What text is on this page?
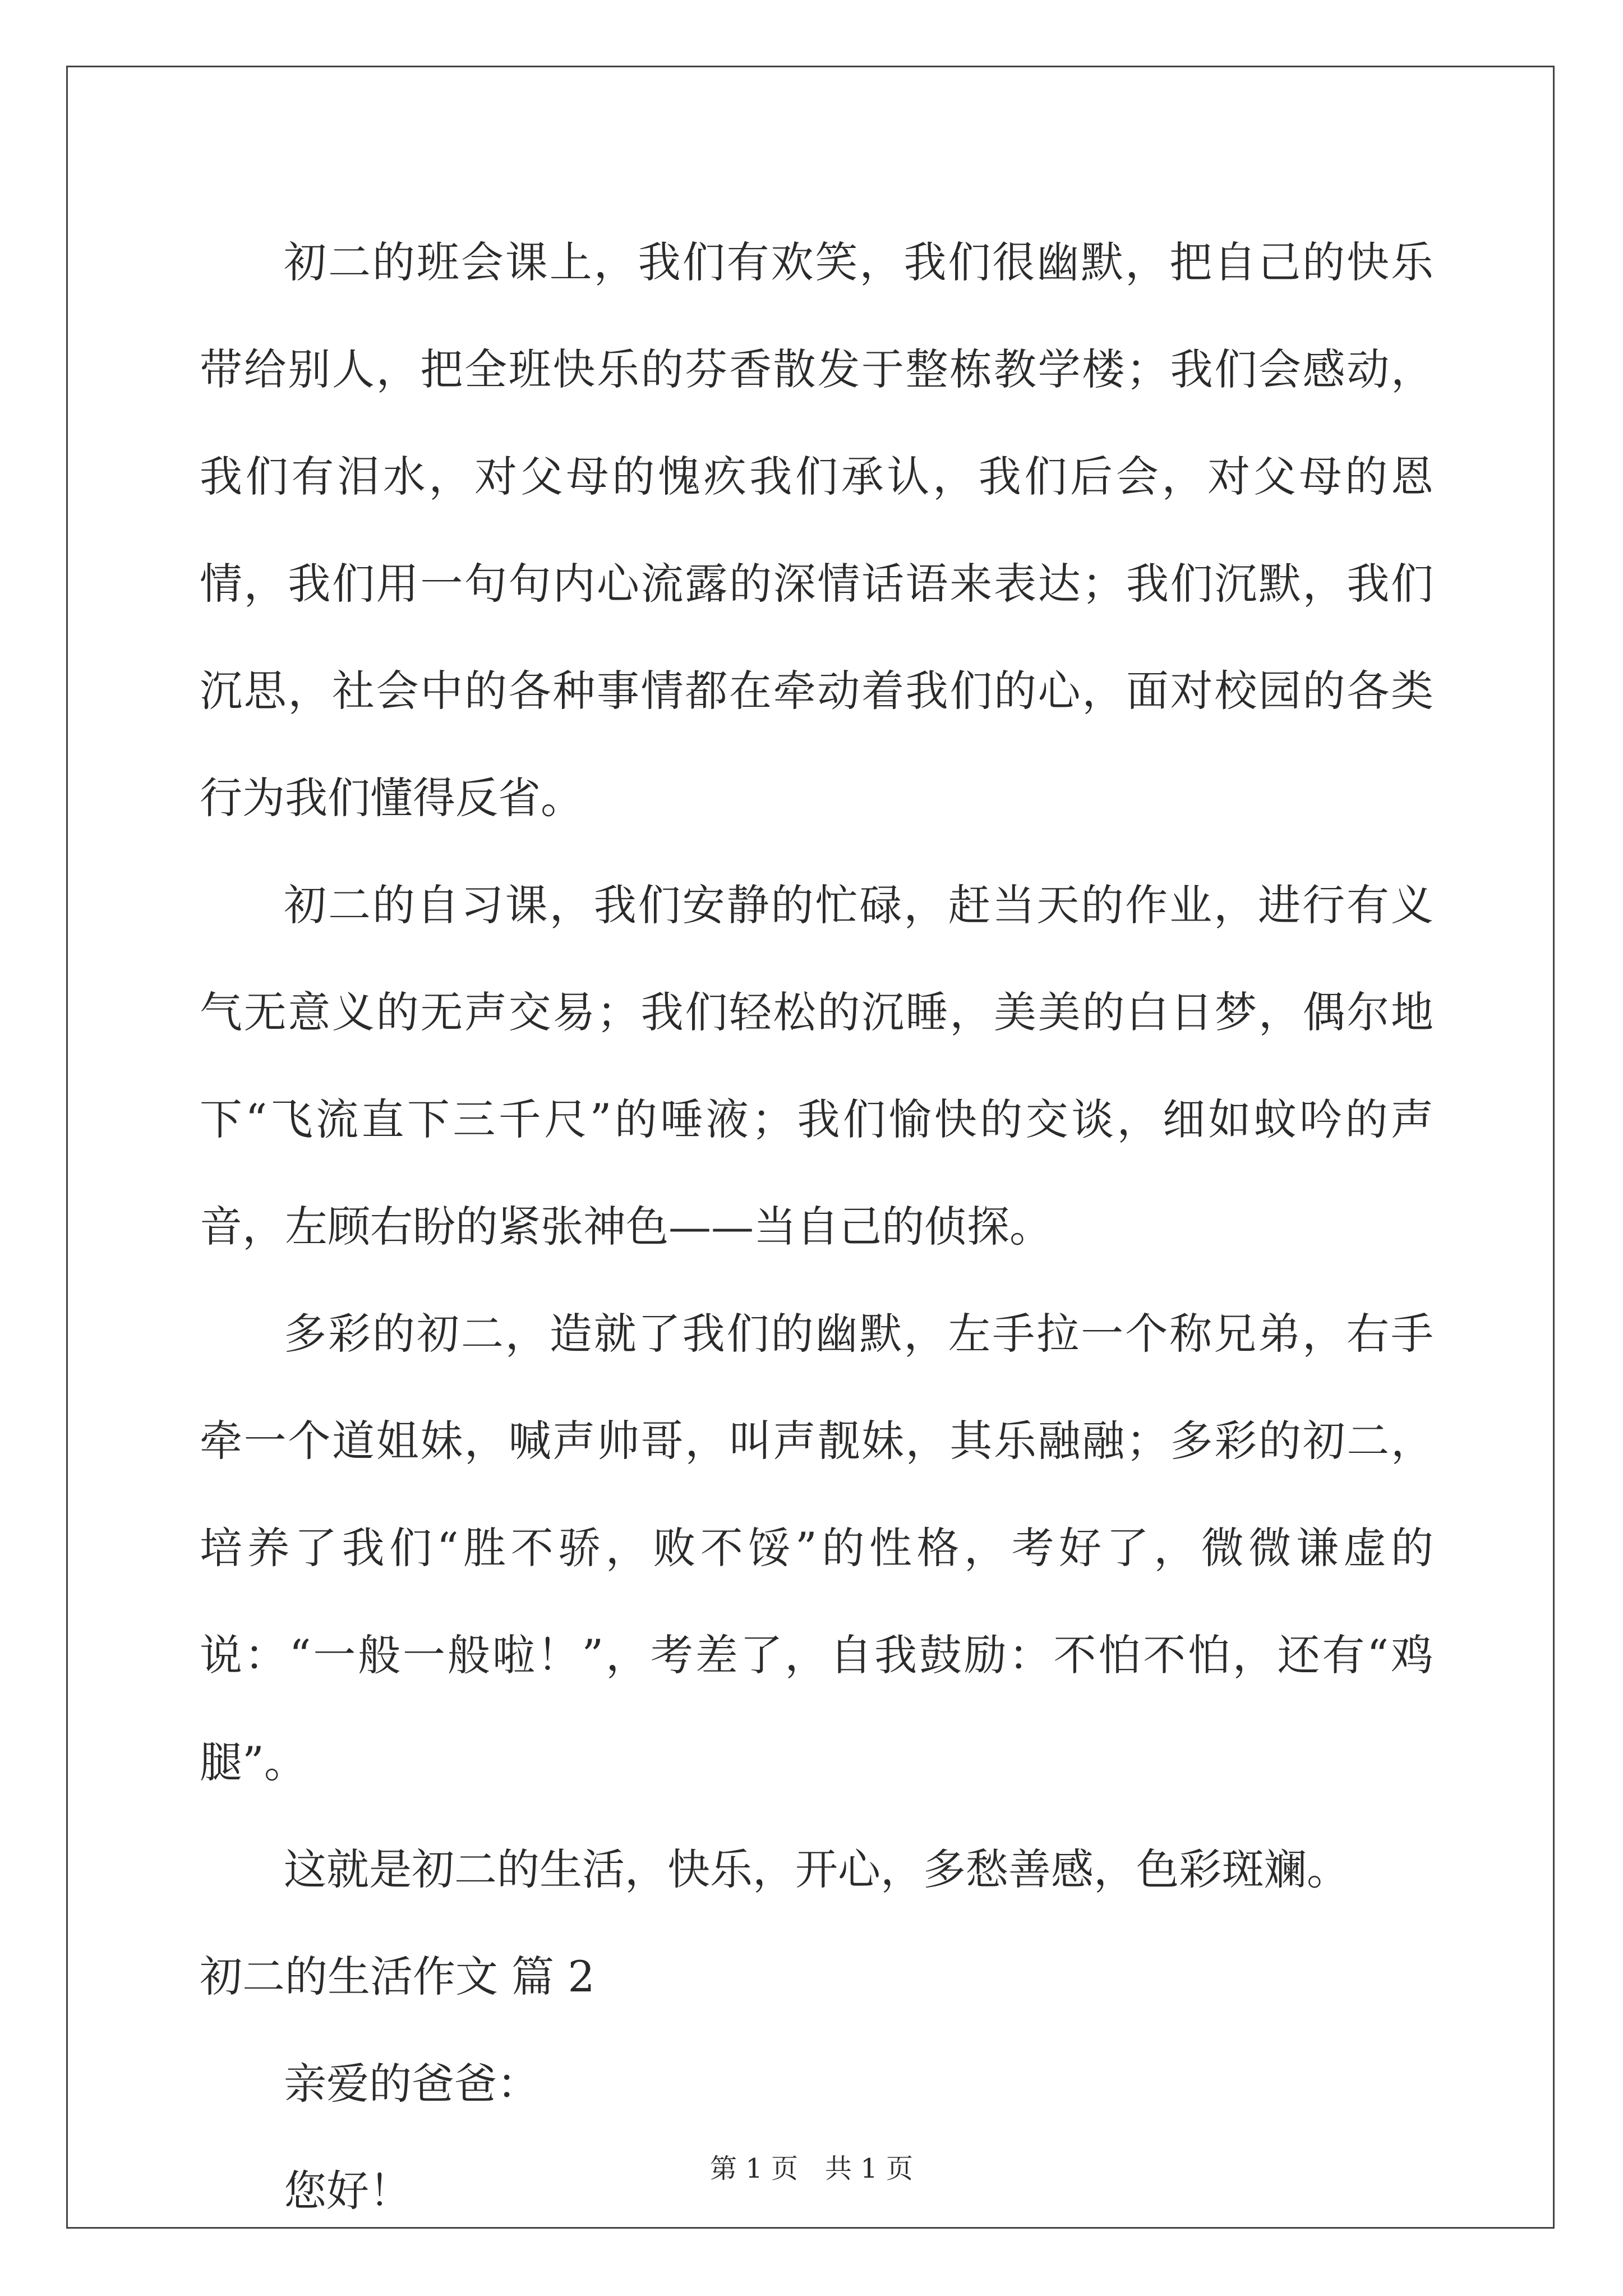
初二的班会课上，我们有欢笑，我们很幽默，把自己的快乐带给别人，把全班快乐的芬香散发于整栋教学楼；我们会感动，我们有泪水，对父母的愧疚我们承认，我们后会，对父母的恩情，我们用一句句内心流露的深情话语来表达；我们沉默，我们沉思，社会中的各种事情都在牵动着我们的心，面对校园的各类行为我们懂得反省。

初二的自习课，我们安静的忙碌，赶当天的作业，进行有义气无意义的无声交易；我们轻松的沉睡，美美的白日梦，偶尔地下“飞流直下三千尺”的唾液；我们愉快的交谈，细如蚊吟的声音，左顾右盼的紧张神色——当自己的侦探。

多彩的初二，造就了我们的幽默，左手拉一个称兄弟，右手牵一个道姐妹，喊声帅哥，叫声靓妹，其乐融融；多彩的初二，培养了我们“胜不骄，败不馁”的性格，考好了，微微谦虚的说：“一般一般啦！”，考差了，自我鼓励：不怕不怕，还有“鸡腿”。

这就是初二的生活，快乐，开心，多愁善感，色彩斑斓。

初二的生活作文 篇 2

亲爱的爸爸：

您好！	第 1 页　共 1 页
